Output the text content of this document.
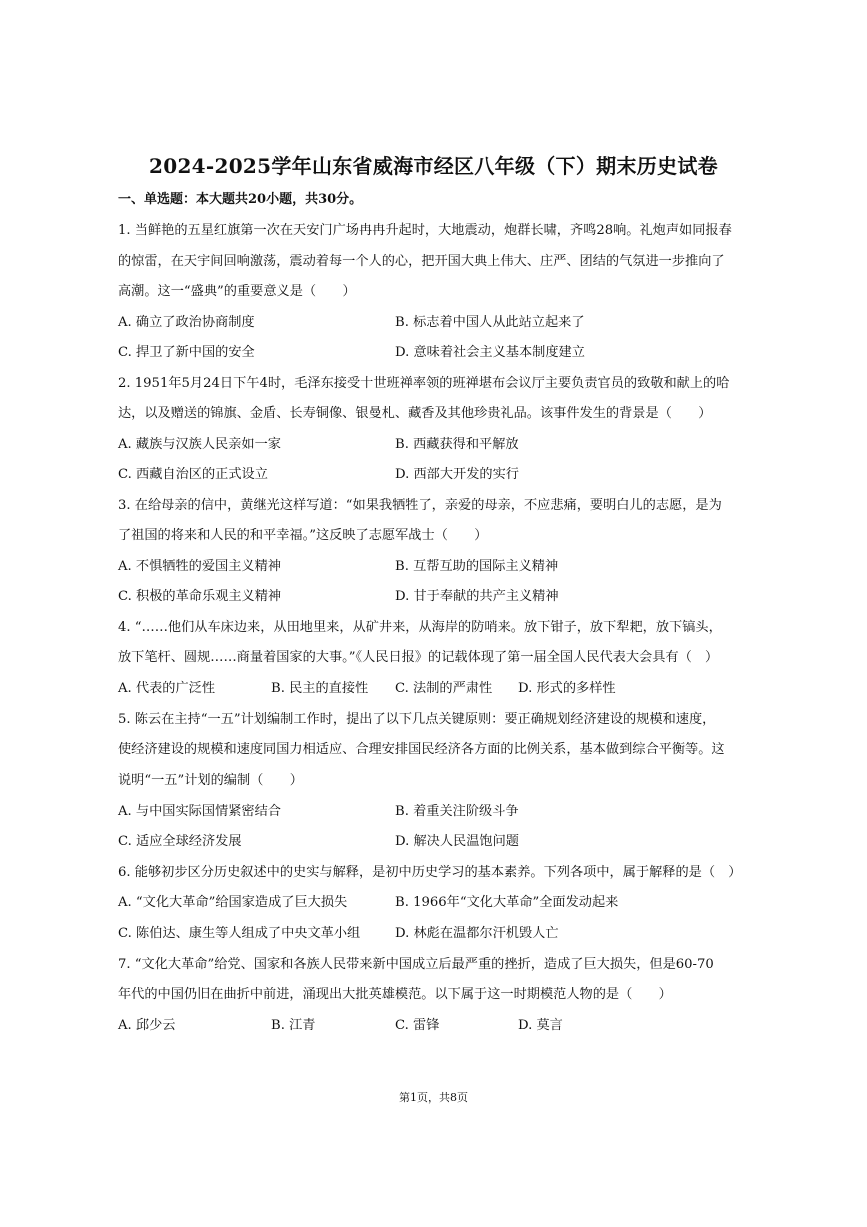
2024-2025学年山东省威海市经区八年级（下）期末历史试卷
一、单选题：本大题共20小题，共30分。
1. 当鲜艳的五星红旗第一次在天安门广场冉冉升起时，大地震动，炮群长啸，齐鸣28响。礼炮声如同报春
的惊雷，在天宇间回响激荡，震动着每一个人的心，把开国大典上伟大、庄严、团结的气氛进一步推向了
高潮。这一“盛典”的重要意义是（　　）
A. 确立了政治协商制度	B. 标志着中国人从此站立起来了
C. 捍卫了新中国的安全	D. 意味着社会主义基本制度建立
2. 1951年5月24日下午4时，毛泽东接受十世班禅率领的班禅堪布会议厅主要负责官员的致敬和献上的哈
达，以及赠送的锦旗、金盾、长寿铜像、银曼札、藏香及其他珍贵礼品。该事件发生的背景是（　　）
A. 藏族与汉族人民亲如一家	B. 西藏获得和平解放
C. 西藏自治区的正式设立	D. 西部大开发的实行
3. 在给母亲的信中，黄继光这样写道：“如果我牺牲了，亲爱的母亲，不应悲痛，要明白儿的志愿，是为
了祖国的将来和人民的和平幸福。”这反映了志愿军战士（　　）
A. 不惧牺牲的爱国主义精神	B. 互帮互助的国际主义精神
C. 积极的革命乐观主义精神	D. 甘于奉献的共产主义精神
4. “……他们从车床边来，从田地里来，从矿井来，从海岸的防哨来。放下钳子，放下犁耙，放下镐头，
放下笔杆、圆规……商量着国家的大事。”《人民日报》的记载体现了第一届全国人民代表大会具有（　）
A. 代表的广泛性	B. 民主的直接性 C. 法制的严肃性 D. 形式的多样性
5. 陈云在主持“一五”计划编制工作时，提出了以下几点关键原则：要正确规划经济建设的规模和速度，
使经济建设的规模和速度同国力相适应、合理安排国民经济各方面的比例关系，基本做到综合平衡等。这
说明“一五”计划的编制（　　）
A. 与中国实际国情紧密结合	B. 着重关注阶级斗争
C. 适应全球经济发展	D. 解决人民温饱问题
6. 能够初步区分历史叙述中的史实与解释，是初中历史学习的基本素养。下列各项中，属于解释的是（　）
A. “文化大革命”给国家造成了巨大损失	B. 1966年“文化大革命”全面发动起来
C. 陈伯达、康生等人组成了中央文革小组	D. 林彪在温都尔汗机毁人亡
7. “文化大革命”给党、国家和各族人民带来新中国成立后最严重的挫折，造成了巨大损失，但是60-70
年代的中国仍旧在曲折中前进，涌现出大批英雄模范。以下属于这一时期模范人物的是（　　）
A. 邱少云	B. 江青	C. 雷锋	D. 莫言
第1页，共8页
